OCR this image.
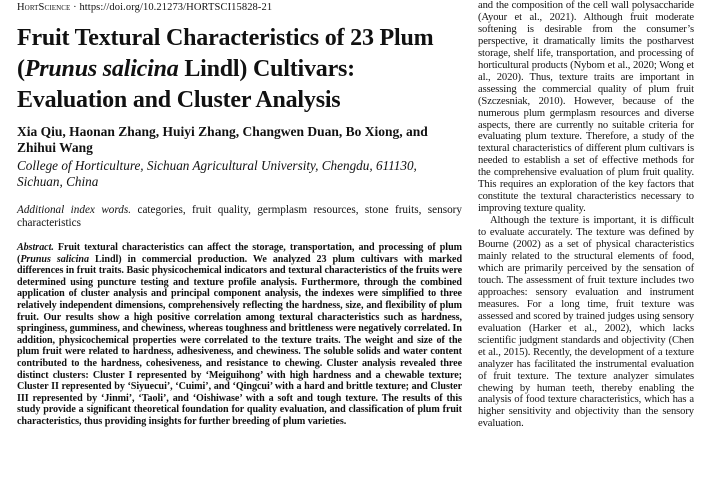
HortScience · https://doi.org/10.21273/HORTSCI15828-21
Fruit Textural Characteristics of 23 Plum (Prunus salicina Lindl) Cultivars: Evaluation and Cluster Analysis
Xia Qiu, Haonan Zhang, Huiyi Zhang, Changwen Duan, Bo Xiong, and Zhihui Wang
College of Horticulture, Sichuan Agricultural University, Chengdu, 611130, Sichuan, China
Additional index words. categories, fruit quality, germplasm resources, stone fruits, sensory characteristics
Abstract. Fruit textural characteristics can affect the storage, transportation, and processing of plum (Prunus salicina Lindl) in commercial production. We analyzed 23 plum cultivars with marked differences in fruit traits. Basic physicochemical indicators and textural characteristics of the fruits were determined using puncture testing and texture profile analysis. Furthermore, through the combined application of cluster analysis and principal component analysis, the indexes were simplified to three relatively independent dimensions, comprehensively reflecting the hardness, size, and flexibility of plum fruit. Our results show a high positive correlation among textural characteristics such as hardness, springiness, gumminess, and chewiness, whereas toughness and brittleness were negatively correlated. In addition, physicochemical properties were correlated to the texture traits. The weight and size of the plum fruit were related to hardness, adhesiveness, and chewiness. The soluble solids and water content contributed to the hardness, cohesiveness, and resistance to chewing. Cluster analysis revealed three distinct clusters: Cluster I represented by ‘Meiguihong’ with high hardness and a chewable texture; Cluster II represented by ‘Siyuecui’, ‘Cuimi’, and ‘Qingcui’ with a hard and brittle texture; and Cluster III represented by ‘Jinmi’, ‘Taoli’, and ‘Oishiwase’ with a soft and tough texture. The results of this study provide a significant theoretical foundation for quality evaluation, and classification of plum fruit characteristics, thus providing insights for further breeding of plum varieties.

and the composition of the cell wall polysaccharide (Ayour et al., 2021). Although fruit moderate softening is desirable from the consumer’s perspective, it dramatically limits the postharvest storage, shelf life, transportation, and processing of horticultural products (Nybom et al., 2020; Wong et al., 2020). Thus, texture traits are important in assessing the commercial quality of plum fruit (Szczesniak, 2010). However, because of the numerous plum germplasm resources and diverse aspects, there are currently no suitable criteria for evaluating plum texture. Therefore, a study of the textural characteristics of different plum cultivars is needed to establish a set of effective methods for the comprehensive evaluation of plum fruit quality. This requires an exploration of the key factors that constitute the textural characteristics necessary to improving texture quality.

Although the texture is important, it is difficult to evaluate accurately. The texture was defined by Bourne (2002) as a set of physical characteristics mainly related to the structural elements of food, which are primarily perceived by the sensation of touch. The assessment of fruit texture includes two approaches: sensory evaluation and instrument measures. For a long time, fruit texture was assessed and scored by trained judges using sensory evaluation (Harker et al., 2002), which lacks scientific judgment standards and objectivity (Chen et al., 2015). Recently, the development of a texture analyzer has facilitated the instrumental evaluation of fruit texture. The texture analyzer simulates chewing by human teeth, thereby enabling the analysis of food texture characteristics, which has a higher sensitivity and objectivity than the sensory evaluation.
